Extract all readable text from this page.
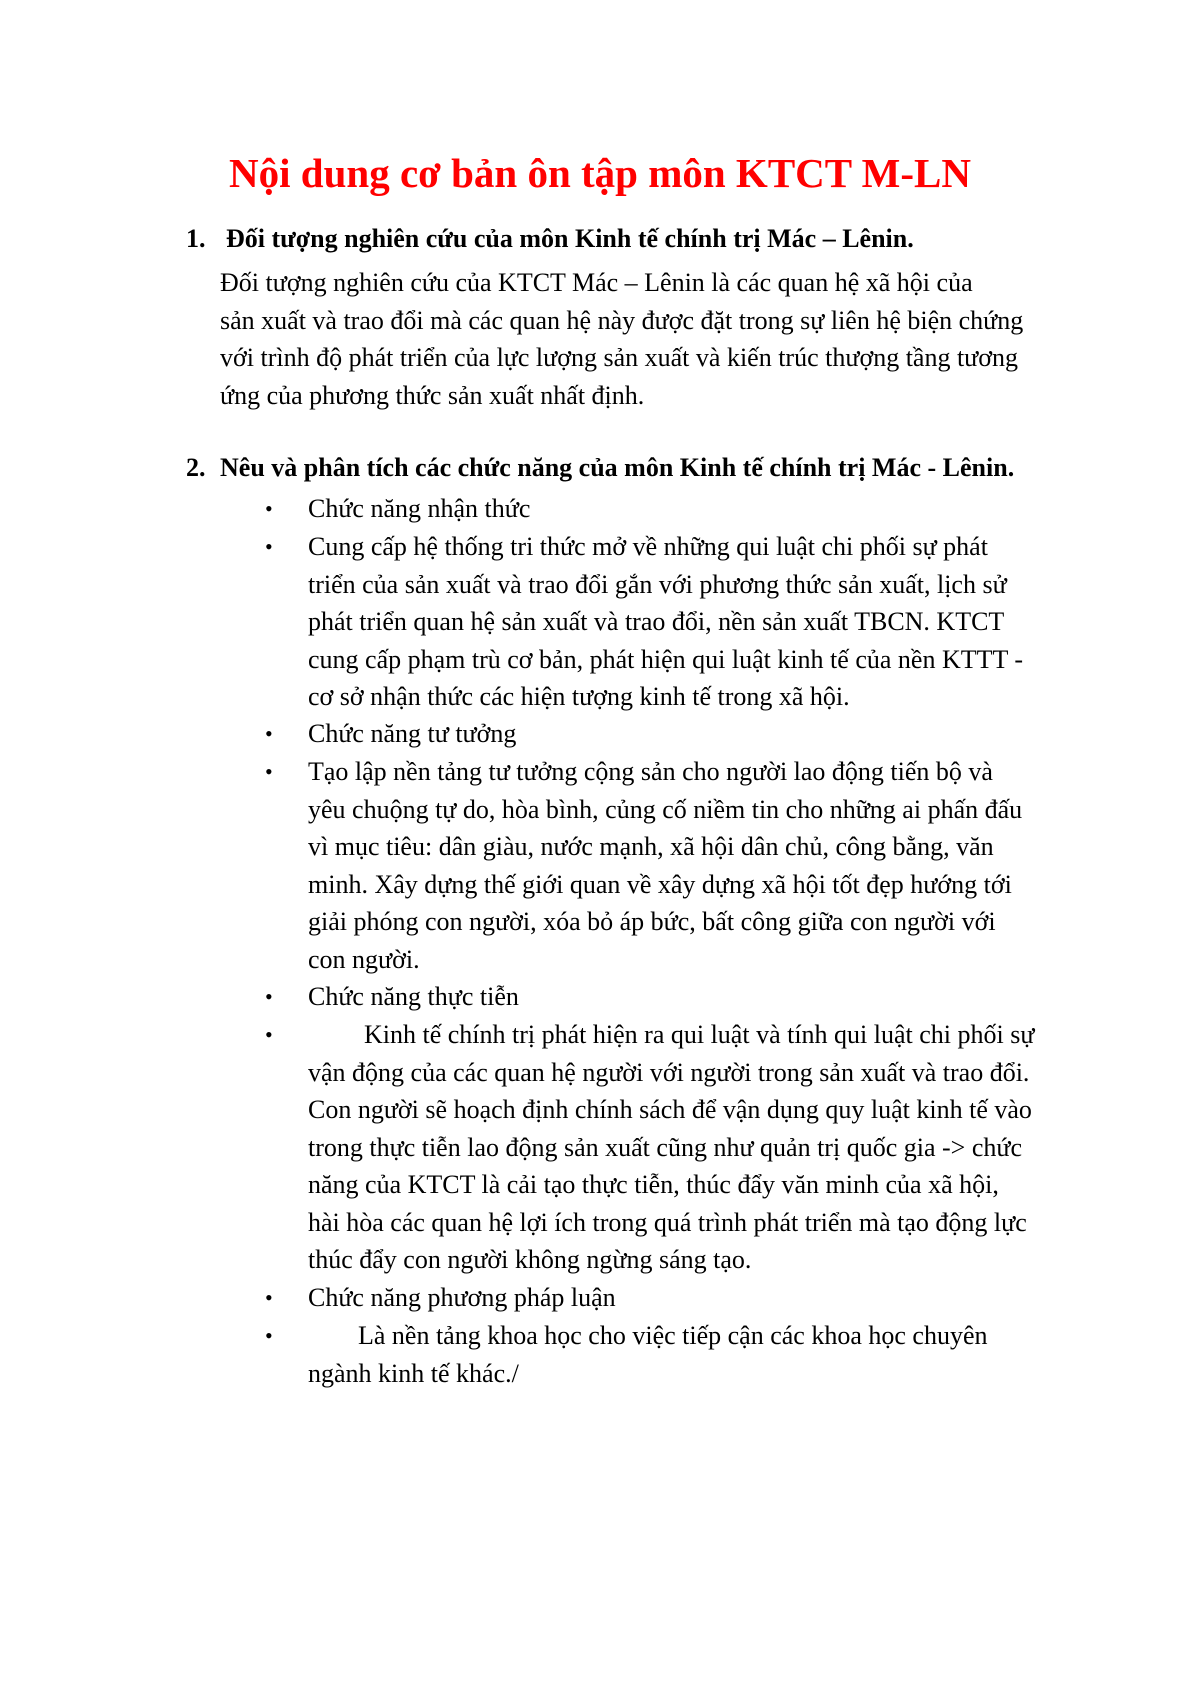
Nội dung cơ bản ôn tập môn KTCT M-LN
1. Đối tượng nghiên cứu của môn Kinh tế chính trị Mác – Lênin.
Đối tượng nghiên cứu của KTCT Mác – Lênin là các quan hệ xã hội của
sản xuất và trao đổi mà các quan hệ này được đặt trong sự liên hệ biện chứng
với trình độ phát triển của lực lượng sản xuất và kiến trúc thượng tầng tương
ứng của phương thức sản xuất nhất định.
2. Nêu và phân tích các chức năng của môn Kinh tế chính trị Mác - Lênin.
•	Chức năng nhận thức
•	Cung cấp hệ thống tri thức mở về những qui luật chi phối sự phát
triển của sản xuất và trao đổi gắn với phương thức sản xuất, lịch sử
phát triển quan hệ sản xuất và trao đổi, nền sản xuất TBCN. KTCT
cung cấp phạm trù cơ bản, phát hiện qui luật kinh tế của nền KTTT -
cơ sở nhận thức các hiện tượng kinh tế trong xã hội.
•	Chức năng tư tưởng
•	Tạo lập nền tảng tư tưởng cộng sản cho người lao động tiến bộ và
yêu chuộng tự do, hòa bình, củng cố niềm tin cho những ai phấn đấu
vì mục tiêu: dân giàu, nước mạnh, xã hội dân chủ, công bằng, văn
minh. Xây dựng thế giới quan về xây dựng xã hội tốt đẹp hướng tới
giải phóng con người, xóa bỏ áp bức, bất công giữa con người với
con người.
•	Chức năng thực tiễn
•	Kinh tế chính trị phát hiện ra qui luật và tính qui luật chi phối sự
vận động của các quan hệ người với người trong sản xuất và trao đổi.
Con người sẽ hoạch định chính sách để vận dụng quy luật kinh tế vào
trong thực tiễn lao động sản xuất cũng như quản trị quốc gia -> chức
năng của KTCT là cải tạo thực tiễn, thúc đẩy văn minh của xã hội,
hài hòa các quan hệ lợi ích trong quá trình phát triển mà tạo động lực
thúc đẩy con người không ngừng sáng tạo.
•	Chức năng phương pháp luận
•	Là nền tảng khoa học cho việc tiếp cận các khoa học chuyên
ngành kinh tế khác./
